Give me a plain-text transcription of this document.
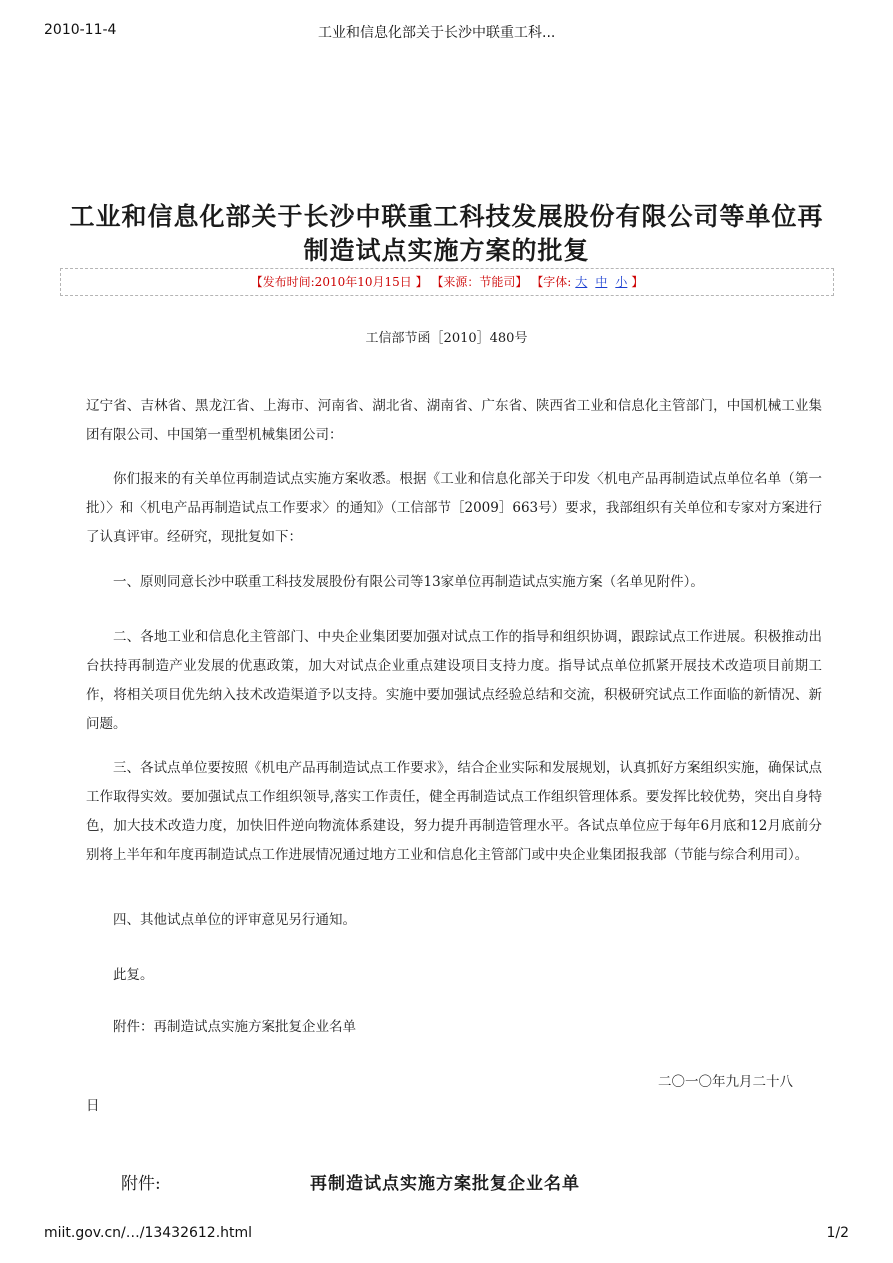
2010-11-4	工业和信息化部关于长沙中联重工科...
工业和信息化部关于长沙中联重工科技发展股份有限公司等单位再
制造试点实施方案的批复
【发布时间:2010年10月15日 】 【来源：节能司】 【字体: 大 中 小 】
工信部节函［2010］480号
辽宁省、吉林省、黑龙江省、上海市、河南省、湖北省、湖南省、广东省、陕西省工业和信息化主管部门，中国机械工业集团有限公司、中国第一重型机械集团公司：
你们报来的有关单位再制造试点实施方案收悉。根据《工业和信息化部关于印发〈机电产品再制造试点单位名单（第一批）〉和〈机电产品再制造试点工作要求〉的通知》（工信部节［2009］663号）要求，我部组织有关单位和专家对方案进行了认真评审。经研究，现批复如下：
一、原则同意长沙中联重工科技发展股份有限公司等13家单位再制造试点实施方案（名单见附件）。
二、各地工业和信息化主管部门、中央企业集团要加强对试点工作的指导和组织协调，跟踪试点工作进展。积极推动出台扶持再制造产业发展的优惠政策，加大对试点企业重点建设项目支持力度。指导试点单位抓紧开展技术改造项目前期工作，将相关项目优先纳入技术改造渠道予以支持。实施中要加强试点经验总结和交流，积极研究试点工作面临的新情况、新问题。
三、各试点单位要按照《机电产品再制造试点工作要求》，结合企业实际和发展规划，认真抓好方案组织实施，确保试点工作取得实效。要加强试点工作组织领导,落实工作责任，健全再制造试点工作组织管理体系。要发挥比较优势，突出自身特色，加大技术改造力度，加快旧件逆向物流体系建设，努力提升再制造管理水平。各试点单位应于每年6月底和12月底前分别将上半年和年度再制造试点工作进展情况通过地方工业和信息化主管部门或中央企业集团报我部（节能与综合利用司）。
四、其他试点单位的评审意见另行通知。
此复。
附件：再制造试点实施方案批复企业名单
二〇一〇年九月二十八
日
附件:	再制造试点实施方案批复企业名单
miit.gov.cn/…/13432612.html	1/2
